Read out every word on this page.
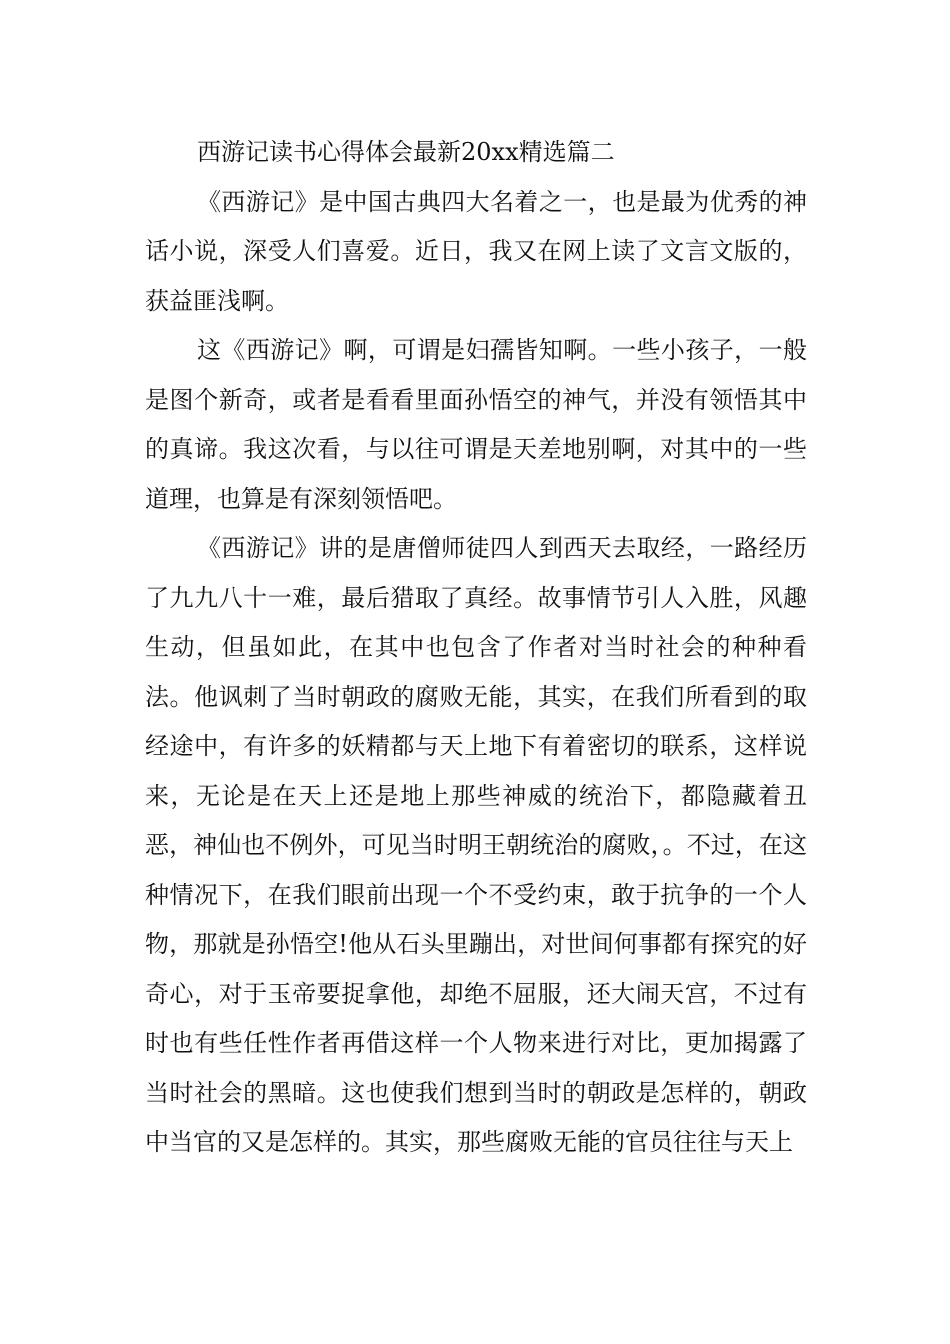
西游记读书心得体会最新20xx精选篇二

《西游记》是中国古典四大名着之一，也是最为优秀的神话小说，深受人们喜爱。近日，我又在网上读了文言文版的，获益匪浅啊。

这《西游记》啊，可谓是妇孺皆知啊。一些小孩子，一般是图个新奇，或者是看看里面孙悟空的神气，并没有领悟其中的真谛。我这次看，与以往可谓是天差地别啊，对其中的一些道理，也算是有深刻领悟吧。

《西游记》讲的是唐僧师徒四人到西天去取经，一路经历了九九八十一难，最后猎取了真经。故事情节引人入胜，风趣生动，但虽如此，在其中也包含了作者对当时社会的种种看法。他讽刺了当时朝政的腐败无能，其实，在我们所看到的取经途中，有许多的妖精都与天上地下有着密切的联系，这样说来，无论是在天上还是地上那些神威的统治下，都隐藏着丑恶，神仙也不例外，可见当时明王朝统治的腐败，。不过，在这种情况下，在我们眼前出现一个不受约束，敢于抗争的一个人物，那就是孙悟空!他从石头里蹦出，对世间何事都有探究的好奇心，对于玉帝要捉拿他，却绝不屈服，还大闹天宫，不过有时也有些任性作者再借这样一个人物来进行对比，更加揭露了当时社会的黑暗。这也使我们想到当时的朝政是怎样的，朝政中当官的又是怎样的。其实，那些腐败无能的官员往往与天上
